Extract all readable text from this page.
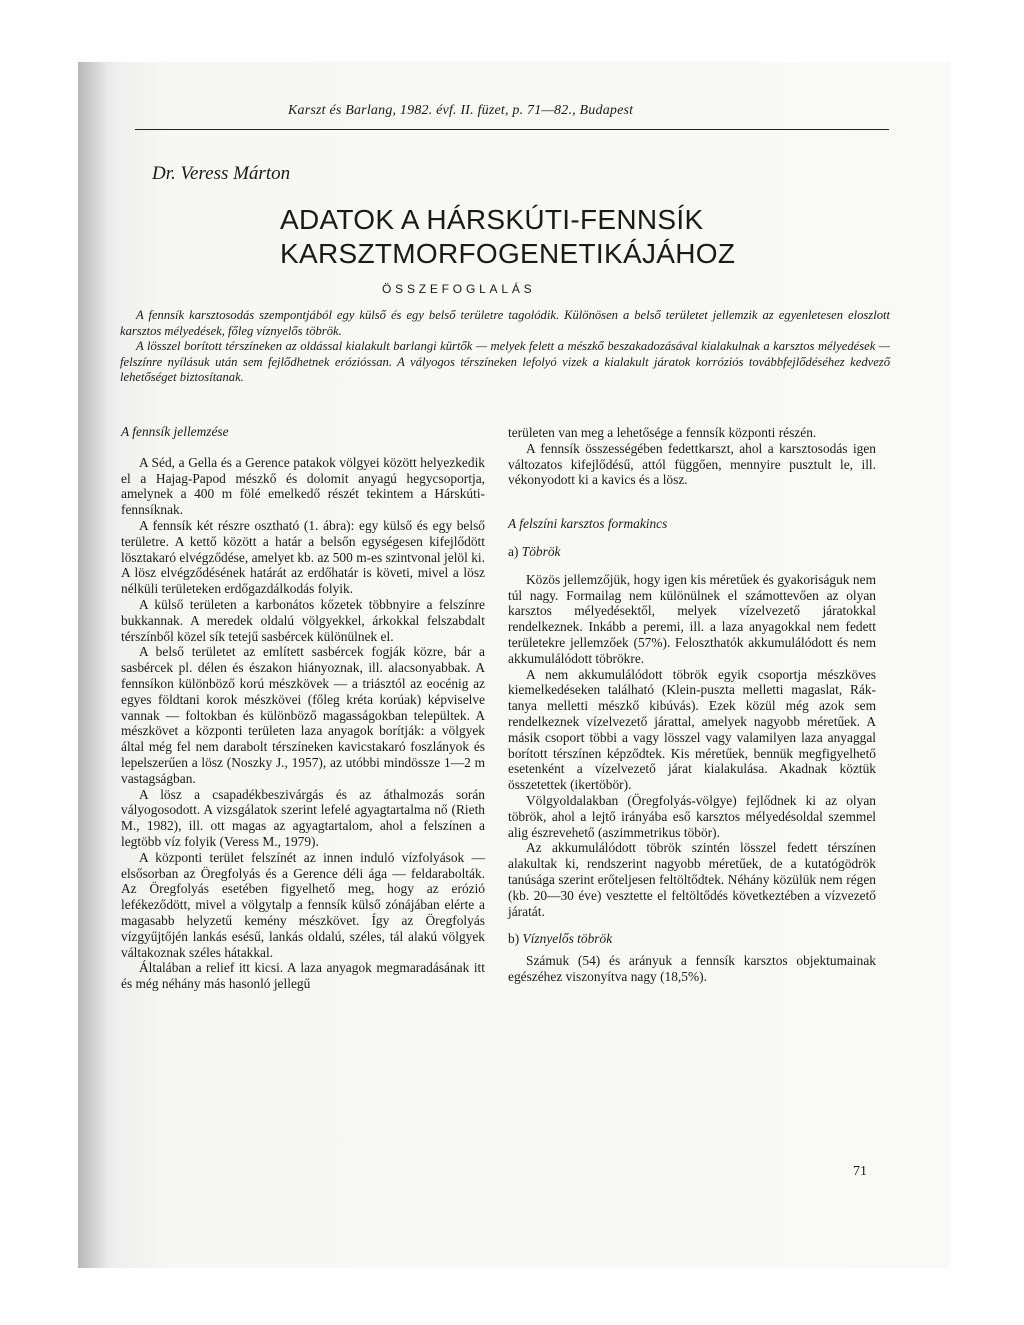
Karszt és Barlang, 1982. évf. II. füzet, p. 71—82., Budapest
Dr. Veress Márton
ADATOK A HÁRSKÚTI-FENNSÍK
KARSZTMORFOGENETIKÁJÁHOZ
ÖSSZEFOGLALÁS

A fennsík karsztosodás szempontjából egy külső és egy belső területre tagolódik. Különösen a belső területet jellemzik az egyenletesen eloszlott karsztos mélyedések, főleg víznyelős töbrök.

A lösszel borított térszíneken az oldással kialakult barlangi kürtők — melyek felett a mészkő beszakadozásával kialakulnak a karsztos mélyedések — felszínre nyílásuk után sem fejlődhetnek erózióssan. A vályogos térszíneken lefolyó vizek a kialakult járatok korróziós továbbfejlődéséhez kedvező lehetőséget biztosítanak.

A fennsík jellemzése

A Séd, a Gella és a Gerence patakok völgyei között helyezkedik el a Hajag-Papod mészkő és dolomit anyagú hegycsoportja, amelynek a 400 m fölé emelkedő részét tekintem a Hárskúti-fennsíknak.

A fennsík két részre osztható (1. ábra): egy külső és egy belső területre. A kettő között a határ a belsőn egységesen kifejlődött lösztakaró elvégződése, amelyet kb. az 500 m-es szintvonal jelöl ki. A lösz elvégződésének határát az erdőhatár is követi, mivel a lösz nélküli területeken erdőgazdálkodás folyik.

A külső területen a karbonátos kőzetek többnyire a felszínre bukkannak. A meredek oldalú völgyekkel, árkokkal felszabdalt térszínből közel sík tetejű sasbércek különülnek el.

A belső területet az említett sasbércek fogják közre, bár a sasbércek pl. délen és északon hiányoznak, ill. alacsonyabbak. A fennsíkon különböző korú mészkövek — a triásztól az eocénig az egyes földtani korok mészkövei (főleg kréta korúak) képviselve vannak — foltokban és különböző magasságokban települtek. A mészkövet a központi területen laza anyagok borítják: a völgyek által még fel nem darabolt térszíneken kavicstakaró foszlányok és lepelszerűen a lösz (Noszky J., 1957), az utóbbi mindössze 1—2 m vastagságban.

A lösz a csapadékbeszivárgás és az áthalmozás során vályogosodott. A vizsgálatok szerint lefelé agyagtartalma nő (Rieth M., 1982), ill. ott magas az agyagtartalom, ahol a felszínen a legtöbb víz folyik (Veress M., 1979).

A központi terület felszínét az innen induló vízfolyások — elsősorban az Öregfolyás és a Gerence déli ága — feldarabolták. Az Öregfolyás esetében figyelhető meg, hogy az erózió lefékeződött, mivel a völgytalp a fennsík külső zónájában elérte a magasabb helyzetű kemény mészkövet. Így az Öregfolyás vízgyűjtőjén lankás esésű, lankás oldalú, széles, tál alakú völgyek váltakoznak széles hátakkal.

Általában a relief itt kicsi. A laza anyagok megmaradásának itt és még néhány más hasonló jellegű

területen van meg a lehetősége a fennsík központi részén.

A fennsík összességében fedettkarszt, ahol a karsztosodás igen változatos kifejlődésű, attól függően, mennyire pusztult le, ill. vékonyodott ki a kavics és a lösz.

A felszíni karsztos formakincs

a) Töbrök

Közös jellemzőjük, hogy igen kis méretűek és gyakoriságuk nem túl nagy. Formailag nem különülnek el számottevően az olyan karsztos mélyedésektől, melyek vízelvezető járatokkal rendelkeznek. Inkább a peremi, ill. a laza anyagokkal nem fedett területekre jellemzőek (57%). Feloszthatók akkumulálódott és nem akkumulálódott töbrökre.

A nem akkumulálódott töbrök egyik csoportja mészköves kiemelkedéseken található (Klein-puszta melletti magaslat, Rák-tanya melletti mészkő kibúvás). Ezek közül még azok sem rendelkeznek vízelvezető járattal, amelyek nagyobb méretűek. A másik csoport többi a vagy lösszel vagy valamilyen laza anyaggal borított térszínen képződtek. Kis méretűek, bennük megfigyelhető esetenként a vízelvezető járat kialakulása. Akadnak köztük összetettek (ikertöbör).

Völgyoldalakban (Öregfolyás-völgye) fejlődnek ki az olyan töbrök, ahol a lejtő irányába eső karsztos mélyedésoldal szemmel alig észrevehető (aszimmetrikus töbör).

Az akkumulálódott töbrök szintén lösszel fedett térszínen alakultak ki, rendszerint nagyobb méretűek, de a kutatógödrök tanúsága szerint erőteljesen feltöltődtek. Néhány közülük nem régen (kb. 20—30 éve) vesztette el feltöltődés következtében a vízvezető járatát.

b) Víznyelős töbrök

Számuk (54) és arányuk a fennsík karsztos objektumainak egészéhez viszonyítva nagy (18,5%).

71
